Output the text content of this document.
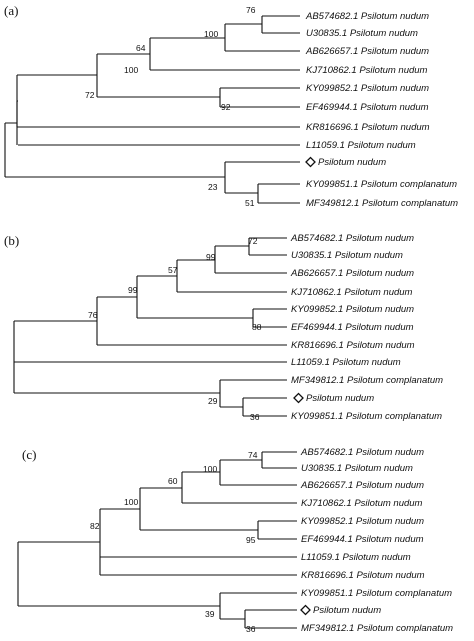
(a)	76
100
64
100
92
72
23
51
AB574682.1 Psilotum nudum
U30835.1 Psilotum nudum
AB626657.1 Psilotum nudum
KJ710862.1 Psilotum nudum
KY099852.1 Psilotum nudum
EF469944.1 Psilotum nudum
KR816696.1 Psilotum nudum
L11059.1 Psilotum nudum
Psilotum nudum
KY099851.1 Psilotum complanatum
MF349812.1 Psilotum complanatum
(b)	72
99
57
99
88
76
29
36
AB574682.1 Psilotum nudum
U30835.1 Psilotum nudum
AB626657.1 Psilotum nudum
KJ710862.1 Psilotum nudum
KY099852.1 Psilotum nudum
EF469944.1 Psilotum nudum
KR816696.1 Psilotum nudum
L11059.1 Psilotum nudum
MF349812.1 Psilotum complanatum
Psilotum nudum
KY099851.1 Psilotum complanatum
(c)	74
100
60
100
95
82
39
36
AB574682.1 Psilotum nudum
U30835.1 Psilotum nudum
AB626657.1 Psilotum nudum
KJ710862.1 Psilotum nudum
KY099852.1 Psilotum nudum
EF469944.1 Psilotum nudum
L11059.1 Psilotum nudum
KR816696.1 Psilotum nudum
KY099851.1 Psilotum complanatum
Psilotum nudum
MF349812.1 Psilotum complanatum
